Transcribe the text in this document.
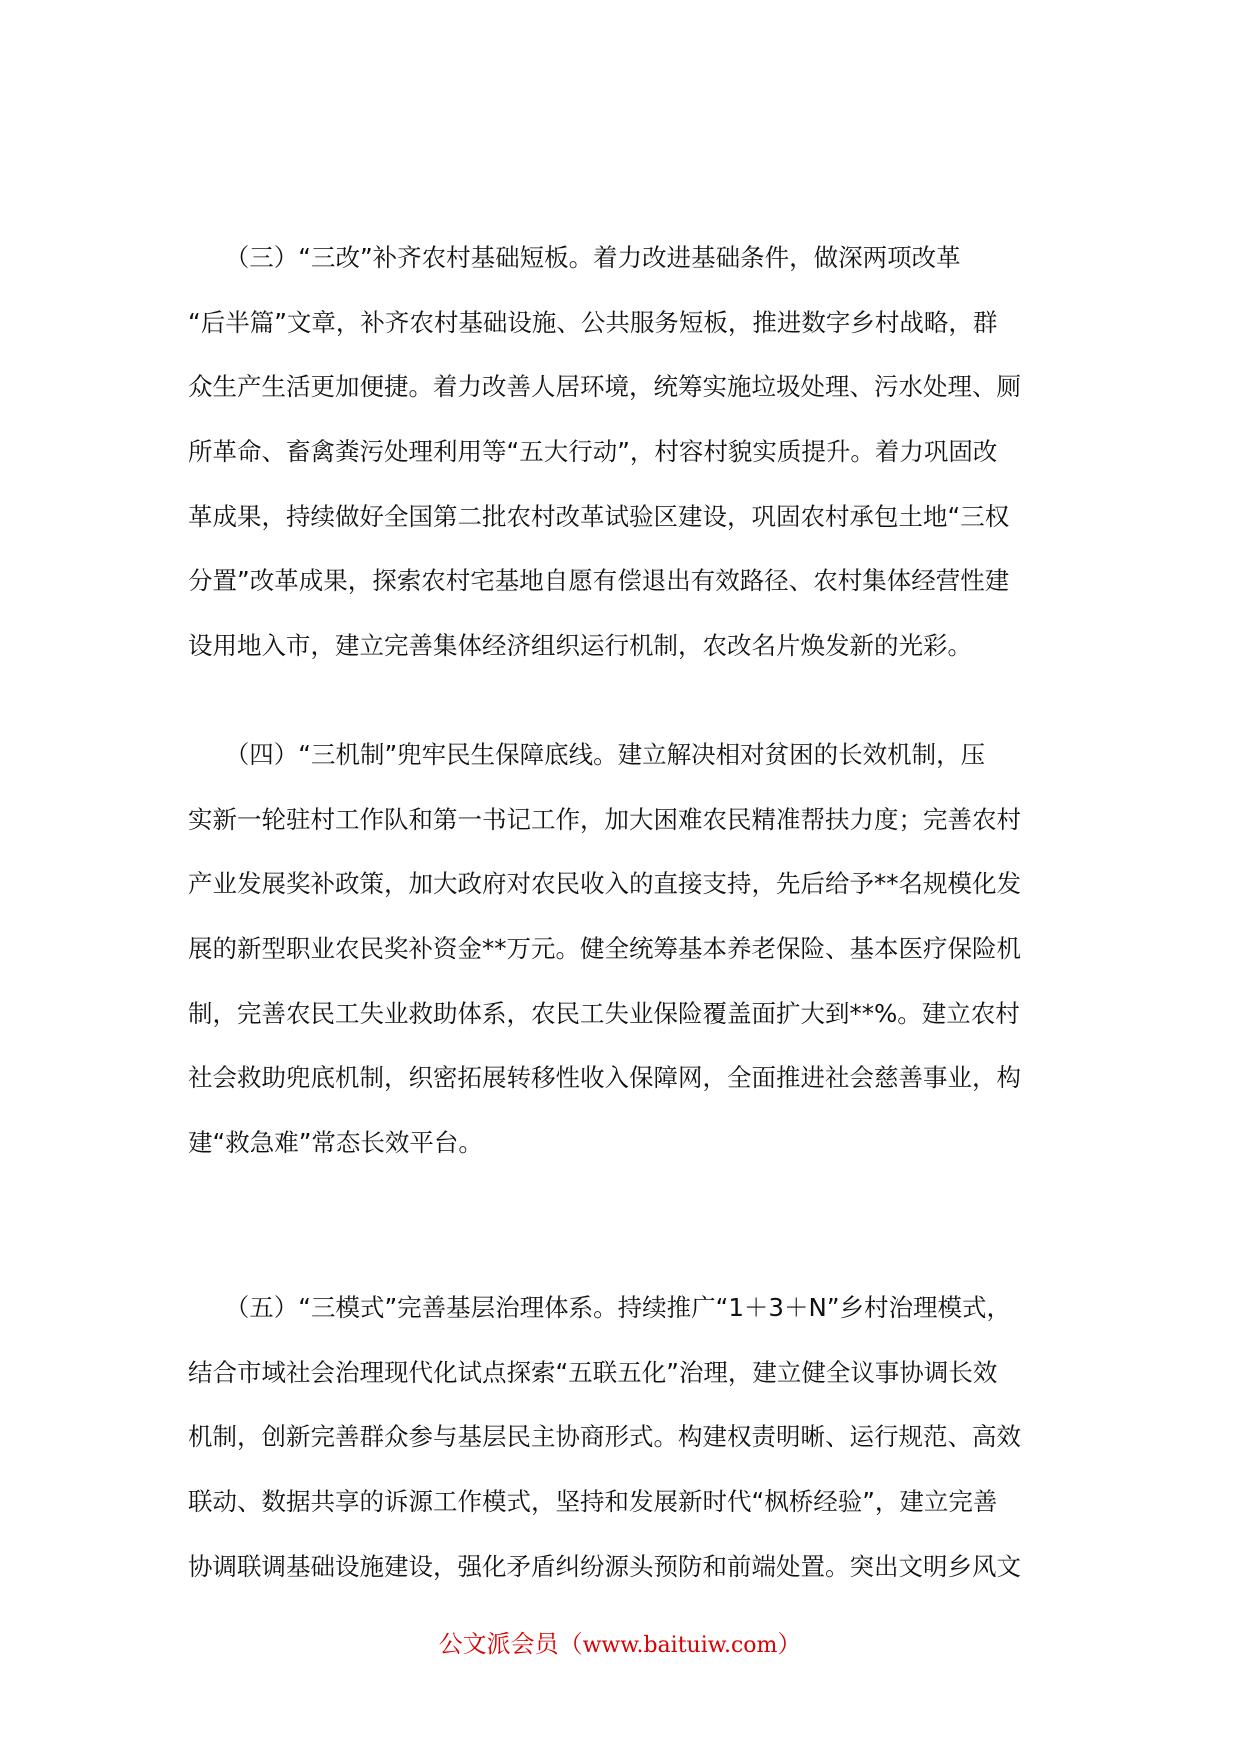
　　（三）“三改”补齐农村基础短板。着力改进基础条件，做深两项改革
“后半篇”文章，补齐农村基础设施、公共服务短板，推进数字乡村战略，群
众生产生活更加便捷。着力改善人居环境，统筹实施垃圾处理、污水处理、厕
所革命、畜禽粪污处理利用等“五大行动”，村容村貌实质提升。着力巩固改
革成果，持续做好全国第二批农村改革试验区建设，巩固农村承包土地“三权
分置”改革成果，探索农村宅基地自愿有偿退出有效路径、农村集体经营性建
设用地入市，建立完善集体经济组织运行机制，农改名片焕发新的光彩。
　　（四）“三机制”兜牢民生保障底线。建立解决相对贫困的长效机制，压
实新一轮驻村工作队和第一书记工作，加大困难农民精准帮扶力度；完善农村
产业发展奖补政策，加大政府对农民收入的直接支持，先后给予**名规模化发
展的新型职业农民奖补资金**万元。健全统筹基本养老保险、基本医疗保险机
制，完善农民工失业救助体系，农民工失业保险覆盖面扩大到**%。建立农村
社会救助兜底机制，织密拓展转移性收入保障网，全面推进社会慈善事业，构
建“救急难”常态长效平台。
　　（五）“三模式”完善基层治理体系。持续推广“1＋3＋N”乡村治理模式，
结合市域社会治理现代化试点探索“五联五化”治理，建立健全议事协调长效
机制，创新完善群众参与基层民主协商形式。构建权责明晰、运行规范、高效
联动、数据共享的诉源工作模式，坚持和发展新时代“枫桥经验”，建立完善
协调联调基础设施建设，强化矛盾纠纷源头预防和前端处置。突出文明乡风文
公文派会员（www.baituiw.com）
